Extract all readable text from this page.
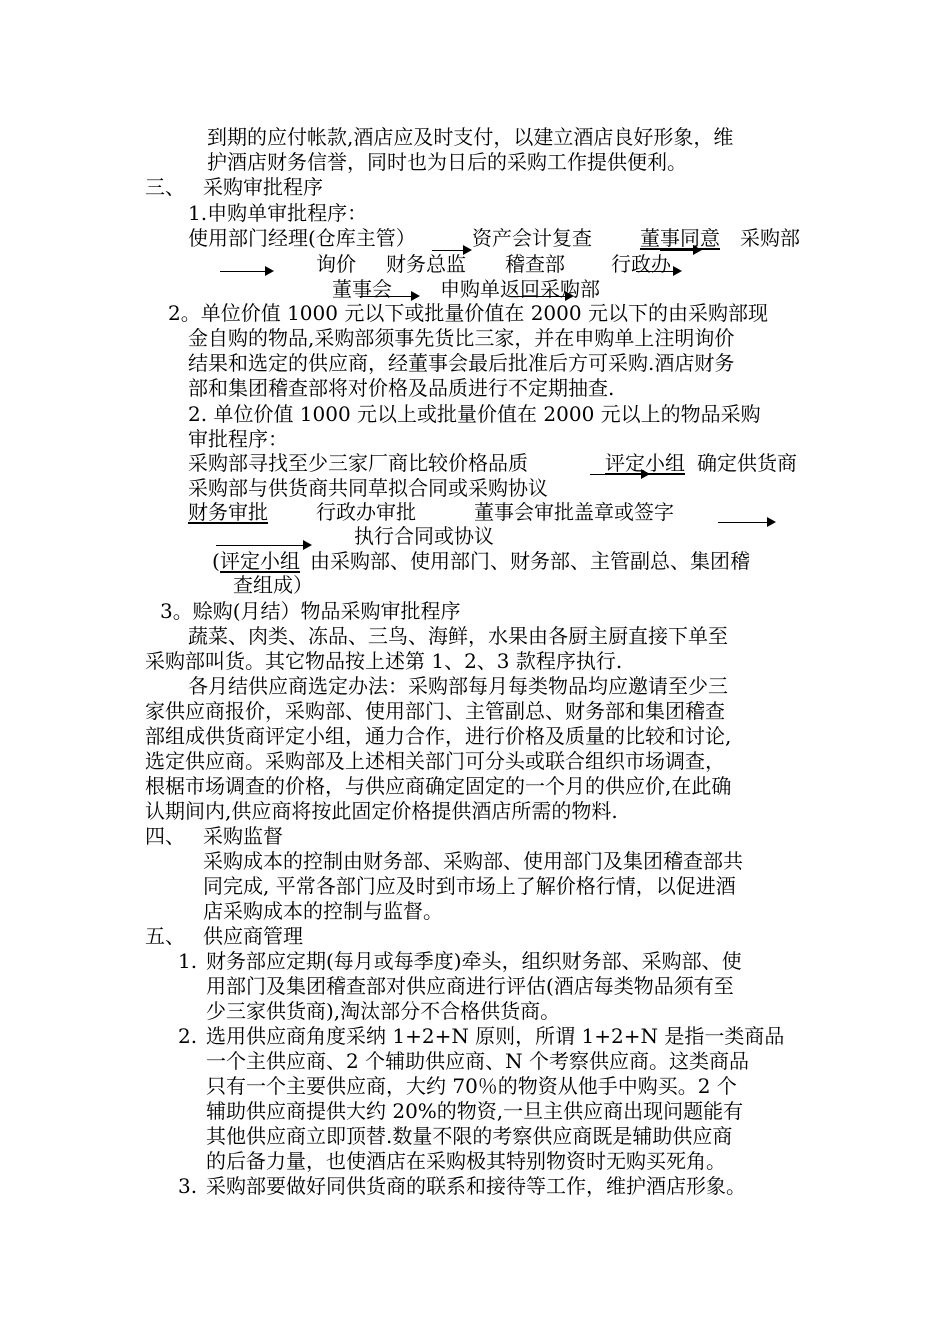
到期的应付帐款,酒店应及时支付，以建立酒店良好形象，维
护酒店财务信誉，同时也为日后的采购工作提供便利。
三、 采购审批程序
1.申购单审批程序：
使用部门经理(仓库主管）	资产会计复查 董事同意 采购部
询价 财务总监 稽查部 行政办
董事会 申购单返回采购部
2。单位价值 1000 元以下或批量价值在 2000 元以下的由采购部现
金自购的物品,采购部须事先货比三家，并在申购单上注明询价
结果和选定的供应商，经董事会最后批准后方可采购.酒店财务
部和集团稽查部将对价格及品质进行不定期抽查.
2. 单位价值 1000 元以上或批量价值在 2000 元以上的物品采购
审批程序：
采购部寻找至少三家厂商比较价格品质	评定小组 确定供货商
采购部与供货商共同草拟合同或采购协议
财务审批 行政办审批	董事会审批盖章或签字
执行合同或协议
( 评定小组 由采购部、使用部门、财务部、主管副总、集团稽
查组成）
3。赊购(月结）物品采购审批程序
蔬菜、肉类、冻品、三鸟、海鲜，水果由各厨主厨直接下单至
采购部叫货。其它物品按上述第 1、2、3 款程序执行.
各月结供应商选定办法：采购部每月每类物品均应邀请至少三
家供应商报价，采购部、使用部门、主管副总、财务部和集团稽查
部组成供货商评定小组，通力合作，进行价格及质量的比较和讨论,
选定供应商。采购部及上述相关部门可分头或联合组织市场调查，
根椐市场调查的价格，与供应商确定固定的一个月的供应价,在此确
认期间内,供应商将按此固定价格提供酒店所需的物料.
四、 采购监督
采购成本的控制由财务部、采购部、使用部门及集团稽查部共
同完成, 平常各部门应及时到市场上了解价格行情，以促进酒
店采购成本的控制与监督。
五、 供应商管理
1. 财务部应定期(每月或每季度)牵头，组织财务部、采购部、使
用部门及集团稽查部对供应商进行评估(酒店每类物品须有至
少三家供货商),淘汰部分不合格供货商。
2. 选用供应商角度采纳 1+2+N 原则，所谓 1+2+N 是指一类商品
一个主供应商、2 个辅助供应商、N 个考察供应商。这类商品
只有一个主要供应商，大约 70％的物资从他手中购买。2 个
辅助供应商提供大约 20%的物资,一旦主供应商出现问题能有
其他供应商立即顶替.数量不限的考察供应商既是辅助供应商
的后备力量，也使酒店在采购极其特别物资时无购买死角。
3. 采购部要做好同供货商的联系和接待等工作，维护酒店形象。
